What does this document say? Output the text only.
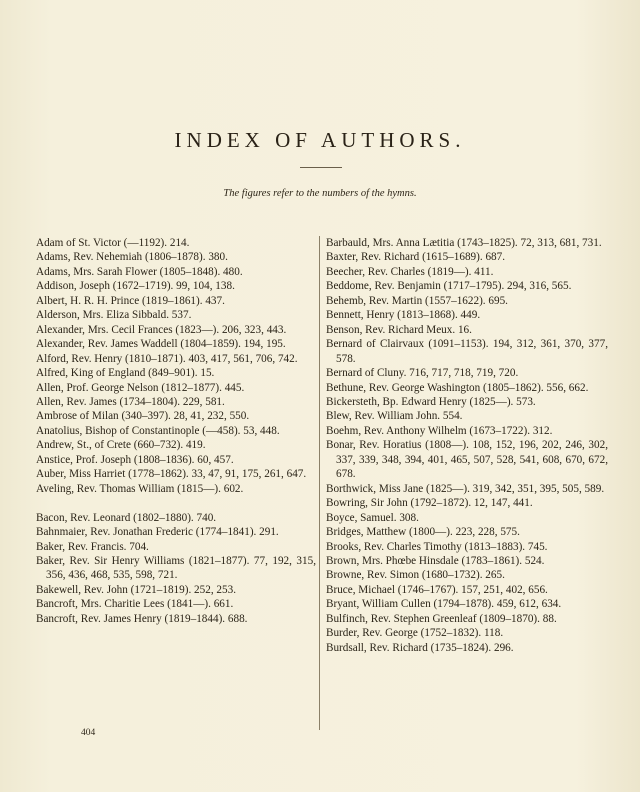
INDEX OF AUTHORS.
The figures refer to the numbers of the hymns.
Adam of St. Victor (—1192). 214.
Adams, Rev. Nehemiah (1806–1878). 380.
Adams, Mrs. Sarah Flower (1805–1848). 480.
Addison, Joseph (1672–1719). 99, 104, 138.
Albert, H. R. H. Prince (1819–1861). 437.
Alderson, Mrs. Eliza Sibbald. 537.
Alexander, Mrs. Cecil Frances (1823—). 206, 323, 443.
Alexander, Rev. James Waddell (1804–1859). 194, 195.
Alford, Rev. Henry (1810–1871). 403, 417, 561, 706, 742.
Alfred, King of England (849–901). 15.
Allen, Prof. George Nelson (1812–1877). 445.
Allen, Rev. James (1734–1804). 229, 581.
Ambrose of Milan (340–397). 28, 41, 232, 550.
Anatolius, Bishop of Constantinople (—458). 53, 448.
Andrew, St., of Crete (660–732). 419.
Anstice, Prof. Joseph (1808–1836). 60, 457.
Auber, Miss Harriet (1778–1862). 33, 47, 91, 175, 261, 647.
Aveling, Rev. Thomas William (1815—). 602.
Bacon, Rev. Leonard (1802–1880). 740.
Bahnmaier, Rev. Jonathan Frederic (1774–1841). 291.
Baker, Rev. Francis. 704.
Baker, Rev. Sir Henry Williams (1821–1877). 77, 192, 315, 356, 436, 468, 535, 598, 721.
Bakewell, Rev. John (1721–1819). 252, 253.
Bancroft, Mrs. Charitie Lees (1841—). 661.
Bancroft, Rev. James Henry (1819–1844). 688.
Barbauld, Mrs. Anna Lætitia (1743–1825). 72, 313, 681, 731.
Baxter, Rev. Richard (1615–1689). 687.
Beecher, Rev. Charles (1819—). 411.
Beddome, Rev. Benjamin (1717–1795). 294, 316, 565.
Behemb, Rev. Martin (1557–1622). 695.
Bennett, Henry (1813–1868). 449.
Benson, Rev. Richard Meux. 16.
Bernard of Clairvaux (1091–1153). 194, 312, 361, 370, 377, 578.
Bernard of Cluny. 716, 717, 718, 719, 720.
Bethune, Rev. George Washington (1805–1862). 556, 662.
Bickersteth, Bp. Edward Henry (1825—). 573.
Blew, Rev. William John. 554.
Boehm, Rev. Anthony Wilhelm (1673–1722). 312.
Bonar, Rev. Horatius (1808—). 108, 152, 196, 202, 246, 302, 337, 339, 348, 394, 401, 465, 507, 528, 541, 608, 670, 672, 678.
Borthwick, Miss Jane (1825—). 319, 342, 351, 395, 505, 589.
Bowring, Sir John (1792–1872). 12, 147, 441.
Boyce, Samuel. 308.
Bridges, Matthew (1800—). 223, 228, 575.
Brooks, Rev. Charles Timothy (1813–1883). 745.
Brown, Mrs. Phœbe Hinsdale (1783–1861). 524.
Browne, Rev. Simon (1680–1732). 265.
Bruce, Michael (1746–1767). 157, 251, 402, 656.
Bryant, William Cullen (1794–1878). 459, 612, 634.
Bulfinch, Rev. Stephen Greenleaf (1809–1870). 88.
Burder, Rev. George (1752–1832). 118.
Burdsall, Rev. Richard (1735–1824). 296.
404
